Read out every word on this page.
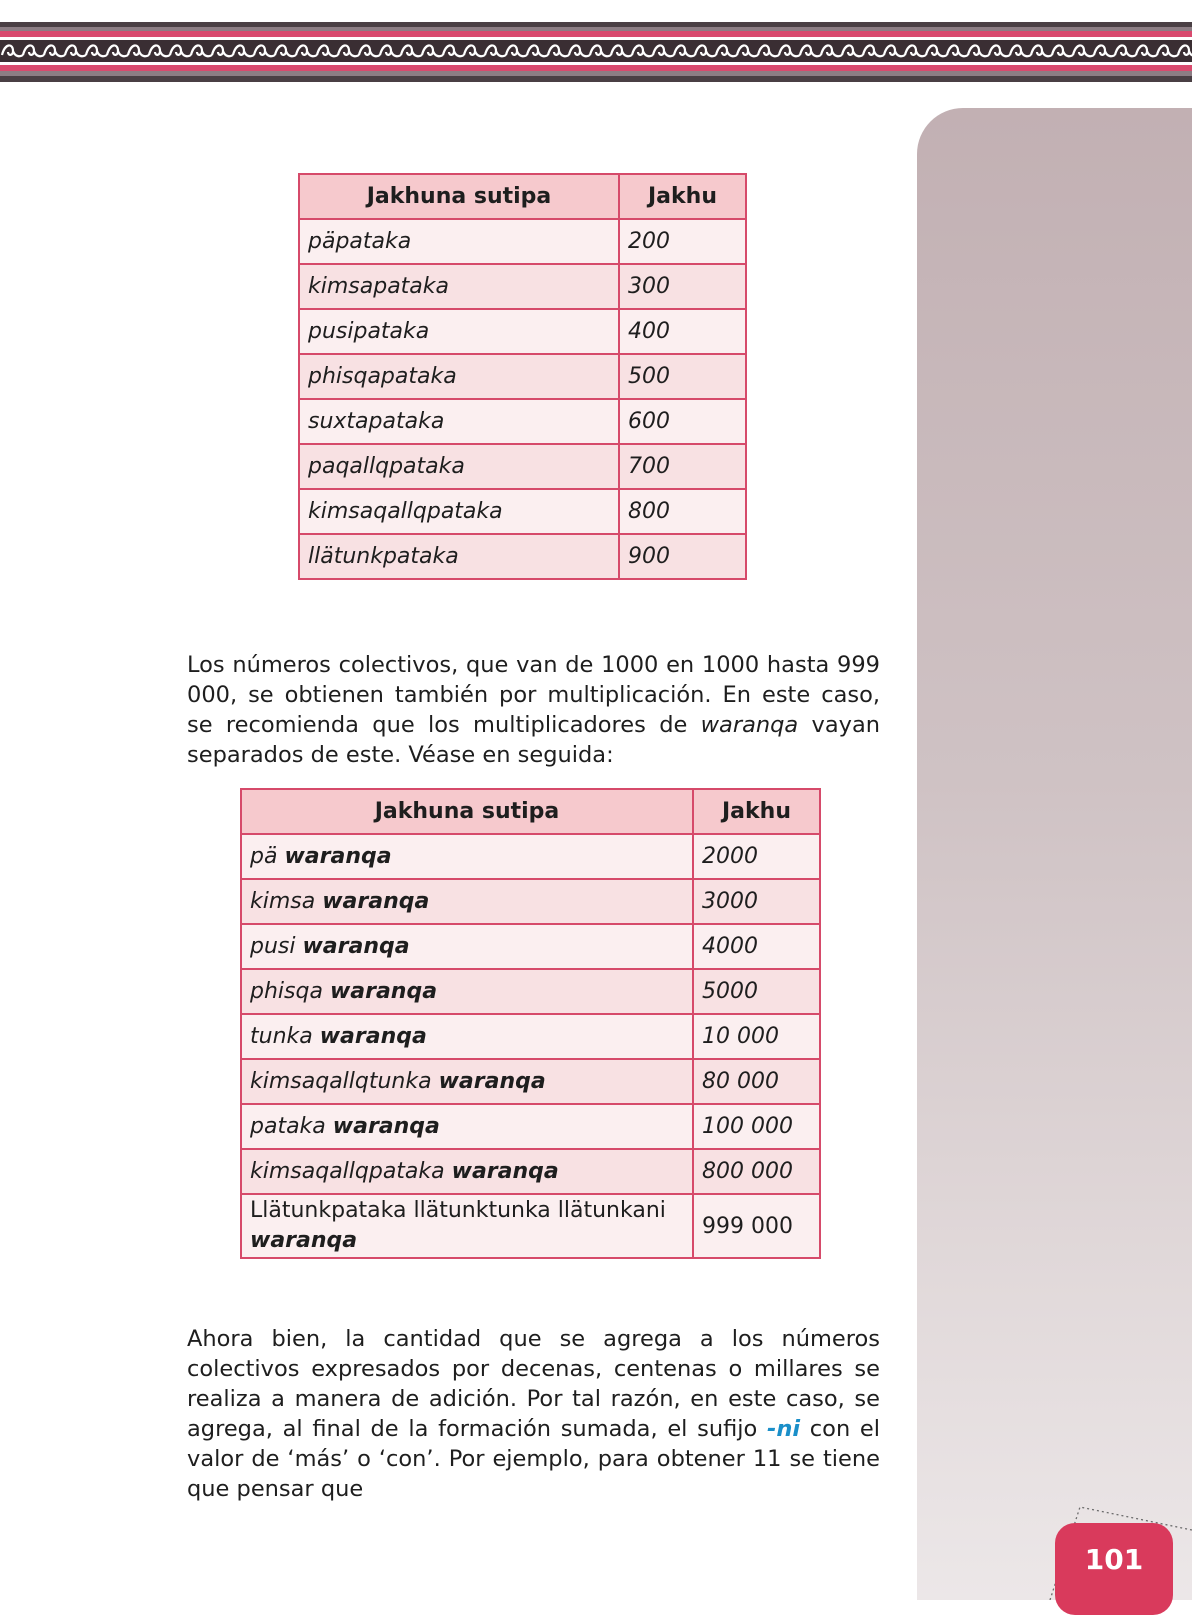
101
Jakhuna sutipa	Jakhu
päpataka	200
kimsapataka	300
pusipataka	400
phisqapataka	500
suxtapataka	600
paqallqpataka	700
kimsaqallqpataka	800
llätunkpataka	900

Los números colectivos, que van de 1000 en 1000 hasta 999 000, se obtienen también por multiplicación. En este caso, se recomienda que los multiplicadores de waranqa vayan separados de este. Véase en seguida:

Jakhuna sutipa	Jakhu
pä waranqa	2000
kimsa waranqa	3000
pusi waranqa	4000
phisqa waranqa	5000
tunka waranqa	10 000
kimsaqallqtunka waranqa	80 000
pataka waranqa	100 000
kimsaqallqpataka waranqa	800 000
Llätunkpataka llätunktunka llätunkani
waranqa	999 000

Ahora bien, la cantidad que se agrega a los números colectivos expresados por decenas, centenas o millares se realiza a manera de adición. Por tal razón, en este caso, se agrega, al final de la formación sumada, el sufijo -ni con el valor de ‘más’ o ‘con’. Por ejemplo, para obtener 11 se tiene que pensar que
